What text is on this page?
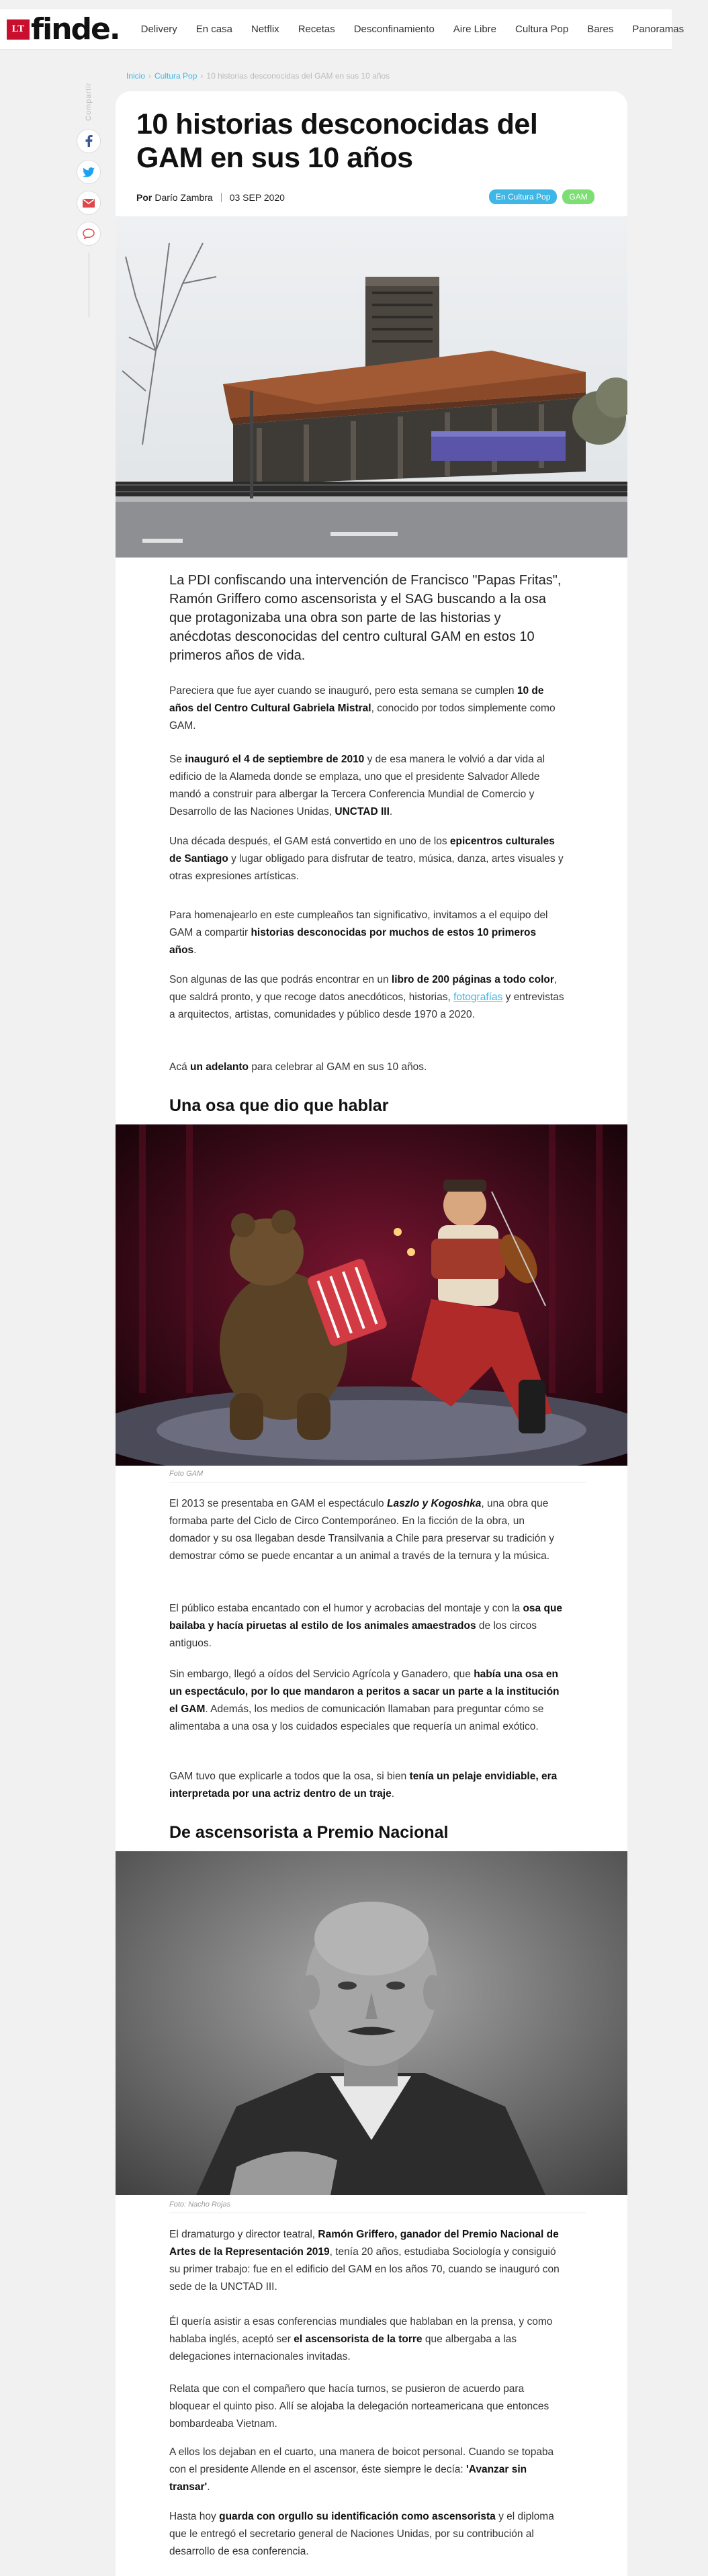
LT finde.	Delivery	En casa	Netflix	Recetas	Desconfinamiento	Aire Libre	Cultura Pop	Bares	Panoramas
Inicio › Cultura Pop › 10 historias desconocidas del GAM en sus 10 años
Compartir
10 historias desconocidas del GAM en sus 10 años
Por Darío Zambra 03 SEP 2020	En Cultura Pop	GAM

La PDI confiscando una intervención de Francisco "Papas Fritas", Ramón Griffero como ascensorista y el SAG buscando a la osa que protagonizaba una obra son parte de las historias y anécdotas desconocidas del centro cultural GAM en estos 10 primeros años de vida.

Pareciera que fue ayer cuando se inauguró, pero esta semana se cumplen 10 de años del Centro Cultural Gabriela Mistral, conocido por todos simplemente como GAM.

Se inauguró el 4 de septiembre de 2010 y de esa manera le volvió a dar vida al edificio de la Alameda donde se emplaza, uno que el presidente Salvador Allede mandó a construir para albergar la Tercera Conferencia Mundial de Comercio y Desarrollo de las Naciones Unidas, UNCTAD III.

Una década después, el GAM está convertido en uno de los epicentros culturales de Santiago y lugar obligado para disfrutar de teatro, música, danza, artes visuales y otras expresiones artísticas.

Para homenajearlo en este cumpleaños tan significativo, invitamos a el equipo del GAM a compartir historias desconocidas por muchos de estos 10 primeros años.

Son algunas de las que podrás encontrar en un libro de 200 páginas a todo color, que saldrá pronto, y que recoge datos anecdóticos, historias, fotografías y entrevistas a arquitectos, artistas, comunidades y público desde 1970 a 2020.

Acá un adelanto para celebrar al GAM en sus 10 años.

Una osa que dio que hablar

Foto GAM

El 2013 se presentaba en GAM el espectáculo Laszlo y Kogoshka, una obra que formaba parte del Ciclo de Circo Contemporáneo. En la ficción de la obra, un domador y su osa llegaban desde Transilvania a Chile para preservar su tradición y demostrar cómo se puede encantar a un animal a través de la ternura y la música.

El público estaba encantado con el humor y acrobacias del montaje y con la osa que bailaba y hacía piruetas al estilo de los animales amaestrados de los circos antiguos.

Sin embargo, llegó a oídos del Servicio Agrícola y Ganadero, que había una osa en un espectáculo, por lo que mandaron a peritos a sacar un parte a la institución el GAM. Además, los medios de comunicación llamaban para preguntar cómo se alimentaba a una osa y los cuidados especiales que requería un animal exótico.

GAM tuvo que explicarle a todos que la osa, si bien tenía un pelaje envidiable, era interpretada por una actriz dentro de un traje.

De ascensorista a Premio Nacional

Foto: Nacho Rojas

El dramaturgo y director teatral, Ramón Griffero, ganador del Premio Nacional de Artes de la Representación 2019, tenía 20 años, estudiaba Sociología y consiguió su primer trabajo: fue en el edificio del GAM en los años 70, cuando se inauguró con sede de la UNCTAD III.

Él quería asistir a esas conferencias mundiales que hablaban en la prensa, y como hablaba inglés, aceptó ser el ascensorista de la torre que albergaba a las delegaciones internacionales invitadas.

Relata que con el compañero que hacía turnos, se pusieron de acuerdo para bloquear el quinto piso. Allí se alojaba la delegación norteamericana que entonces bombardeaba Vietnam.

A ellos los dejaban en el cuarto, una manera de boicot personal. Cuando se topaba con el presidente Allende en el ascensor, éste siempre le decía: 'Avanzar sin transar'.

Hasta hoy guarda con orgullo su identificación como ascensorista y el diploma que le entregó el secretario general de Naciones Unidas, por su contribución al desarrollo de esa conferencia.
